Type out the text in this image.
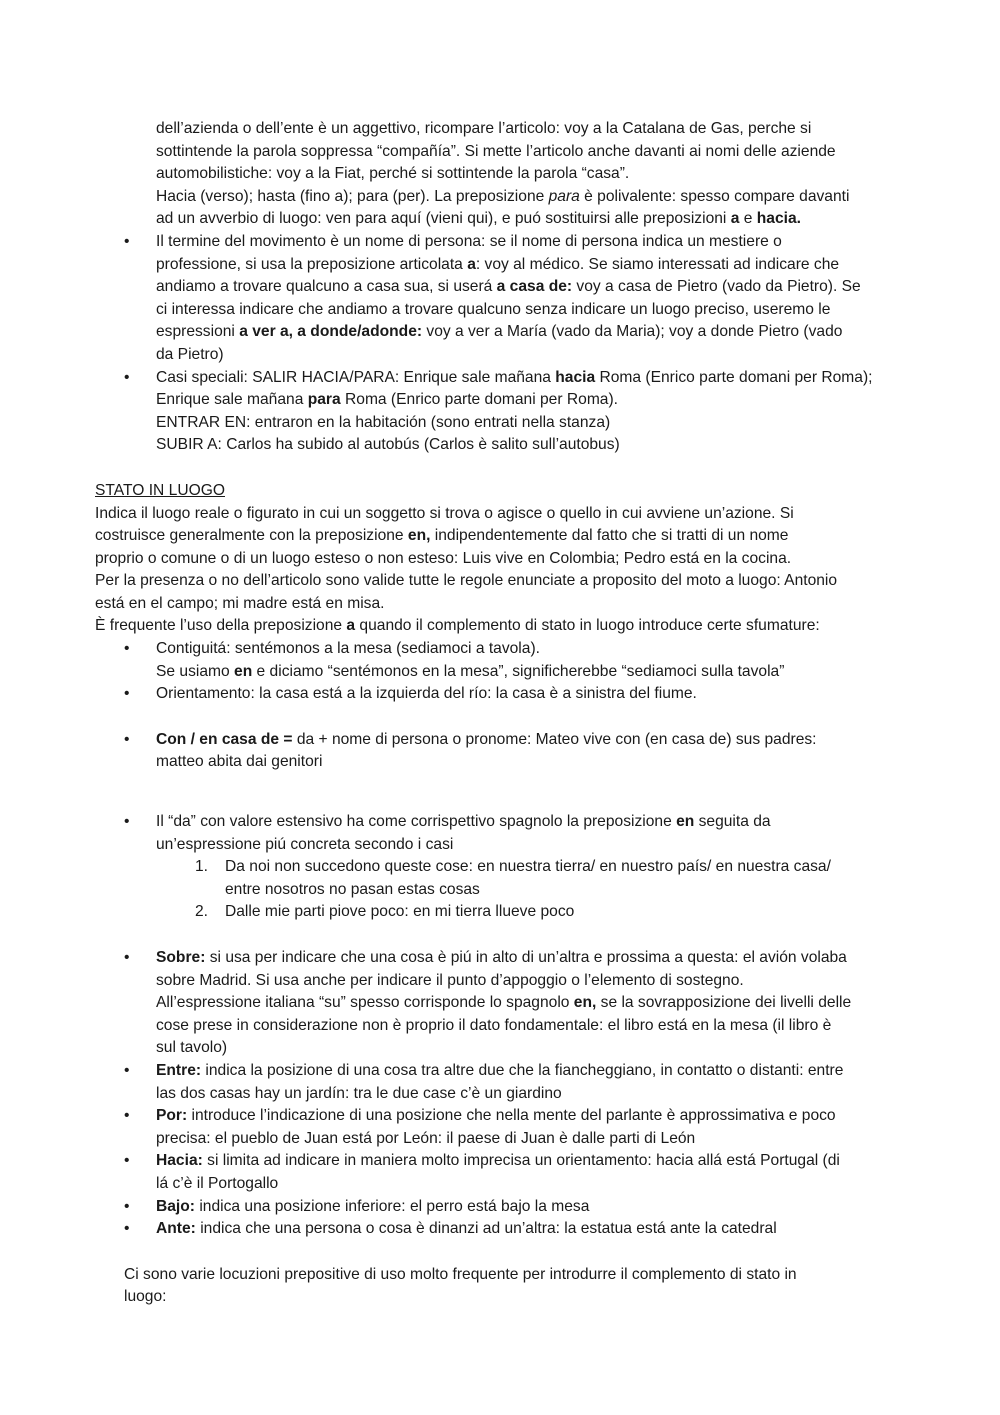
dell’azienda o dell’ente è un aggettivo, ricompare l’articolo: voy a la Catalana de Gas, perche si

sottintende la parola soppressa “compañía”. Si mette l’articolo anche davanti ai nomi delle aziende

automobilistiche: voy a la Fiat, perché si sottintende la parola “casa”.

Hacia (verso); hasta (fino a); para (per). La preposizione para è polivalente: spesso compare davanti

ad un avverbio di luogo: ven para aquí (vieni qui), e puó sostituirsi alle preposizioni a e hacia.

•	Il termine del movimento è un nome di persona: se il nome di persona indica un mestiere o

professione, si usa la preposizione articolata a: voy al médico. Se siamo interessati ad indicare che

andiamo a trovare qualcuno a casa sua, si userá a casa de: voy a casa de Pietro (vado da Pietro). Se

ci interessa indicare che andiamo a trovare qualcuno senza indicare un luogo preciso, useremo le

espressioni a ver a, a donde/adonde: voy a ver a María (vado da Maria); voy a donde Pietro (vado

da Pietro)

•	Casi speciali: SALIR HACIA/PARA: Enrique sale mañana hacia Roma (Enrico parte domani per Roma);

Enrique sale mañana para Roma (Enrico parte domani per Roma).

ENTRAR EN: entraron en la habitación (sono entrati nella stanza)

SUBIR A: Carlos ha subido al autobús (Carlos è salito sull’autobus)

STATO IN LUOGO

Indica il luogo reale o figurato in cui un soggetto si trova o agisce o quello in cui avviene un’azione. Si

costruisce generalmente con la preposizione en, indipendentemente dal fatto che si tratti di un nome

proprio o comune o di un luogo esteso o non esteso: Luis vive en Colombia; Pedro está en la cocina.

Per la presenza o no dell’articolo sono valide tutte le regole enunciate a proposito del moto a luogo: Antonio

está en el campo; mi madre está en misa.

È frequente l’uso della preposizione a quando il complemento di stato in luogo introduce certe sfumature:

•	Contiguitá: sentémonos a la mesa (sediamoci a tavola).

Se usiamo en e diciamo “sentémonos en la mesa”, significherebbe “sediamoci sulla tavola”

•	Orientamento: la casa está a la izquierda del río: la casa è a sinistra del fiume.

•	Con / en casa de = da + nome di persona o pronome: Mateo vive con (en casa de) sus padres:

matteo abita dai genitori

•	Il “da” con valore estensivo ha come corrispettivo spagnolo la preposizione en seguita da

un’espressione piú concreta secondo i casi

1.	Da noi non succedono queste cose: en nuestra tierra/ en nuestro país/ en nuestra casa/

entre nosotros no pasan estas cosas

2.	Dalle mie parti piove poco: en mi tierra llueve poco

•	Sobre: si usa per indicare che una cosa è piú in alto di un’altra e prossima a questa: el avión volaba

sobre Madrid. Si usa anche per indicare il punto d’appoggio o l’elemento di sostegno.

All’espressione italiana “su” spesso corrisponde lo spagnolo en, se la sovrapposizione dei livelli delle

cose prese in considerazione non è proprio il dato fondamentale: el libro está en la mesa (il libro è

sul tavolo)

•	Entre: indica la posizione di una cosa tra altre due che la fiancheggiano, in contatto o distanti: entre

las dos casas hay un jardín: tra le due case c’è un giardino

•	Por: introduce l’indicazione di una posizione che nella mente del parlante è approssimativa e poco

precisa: el pueblo de Juan está por León: il paese di Juan è dalle parti di León

•	Hacia: si limita ad indicare in maniera molto imprecisa un orientamento: hacia allá está Portugal (di

lá c’è il Portogallo

•	Bajo: indica una posizione inferiore: el perro está bajo la mesa

•	Ante: indica che una persona o cosa è dinanzi ad un’altra: la estatua está ante la catedral

Ci sono varie locuzioni prepositive di uso molto frequente per introdurre il complemento di stato in

luogo:
